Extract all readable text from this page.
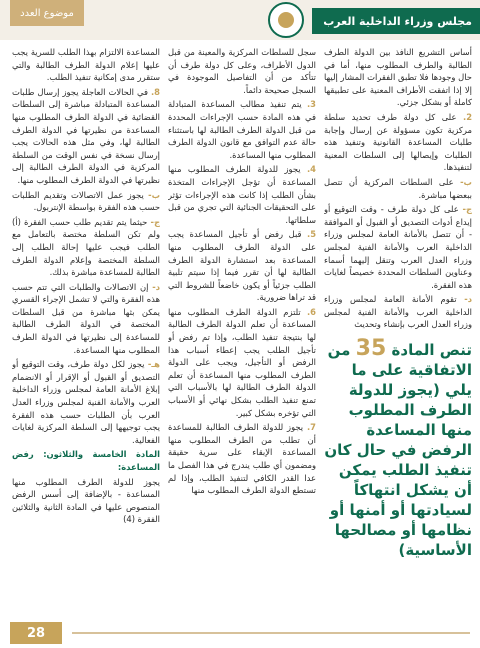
موضوع العدد
مجلس وزراء الداخلية العرب

أساس التشريع النافذ بين الدولة الطرف الطالبة والطرف المطلوب منها، أما في حال وجودها فلا تطبق الفقرات المشار إليها إلا إذا اتفقت الأطراف المعنية على تطبيقها كاملة أو بشكل جزئي.

2. على كل دولة طرف تحديد سلطة مركزية تكون مسؤولة عن إرسال وإجابة طلبات المساعدة القانونية وتنفيذ هذه الطلبات وإيصالها إلى السلطات المعنية لتنفيذها.

ب- على السلطات المركزية أن تتصل ببعضها مباشرة.

ج- على كل دولة طرف - وقت التوقيع أو إيداع أدوات التصديق أو القبول أو الموافقة - أن تتصل بالأمانة العامة لمجلس وزراء الداخلية العرب والأمانة الفنية لمجلس وزراء العدل العرب وتنقل إليهما أسماء وعناوين السلطات المحددة خصيصاً لغايات هذه الفقرة.

د- تقوم الأمانة العامة لمجلس وزراء الداخلية العرب والأمانة الفنية لمجلس وزراء العدل العرب بإنشاء وتحديث

تنص المادة 35 من الاتفاقية على ما يلي (يجوز للدولة الطرف المطلوب منها المساعدة الرفض في حال كان تنفيذ الطلب يمكن أن يشكل انتهاكاً لسيادتها أو أمنها أو نظامها أو مصالحها الأساسية)

سجل للسلطات المركزية والمعينة من قبل الدول الأطراف، وعلى كل دولة طرف أن تتأكد من أن التفاصيل الموجودة في السجل صحيحة دائماً.

3. يتم تنفيذ مطالب المساعدة المتبادلة في هذه المادة حسب الإجراءات المحددة من قبل الدولة الطرف الطالبة لها باستثناء حالة عدم التوافق مع قانون الدولة الطرف المطلوب منها المساعدة.

4. يجوز للدولة الطرف المطلوب منها المساعدة أن تؤجل الإجراءات المتخذة بشأن الطلب إذا كانت هذه الإجراءات تؤثر على التحقيقات الجنائية التي تجري من قبل سلطاتها.

5. قبل رفض أو تأجيل المساعدة يجب على الدولة الطرف المطلوب منها المساعدة بعد استشارة الدولة الطرف الطالبة لها أن تقرر فيما إذا سيتم تلبية الطلب جزئياً أو يكون خاضعاً للشروط التي قد تراها ضرورية.

6. تلتزم الدولة الطرف المطلوب منها المساعدة أن تعلم الدولة الطرف الطالبة لها بنتيجة تنفيذ الطلب، وإذا تم رفض أو تأجيل الطلب يجب إعطاء أسباب هذا الرفض أو التأجيل، ويجب على الدولة الطرف المطلوب منها المساعدة أن تعلم الدولة الطرف الطالبة لها بالأسباب التي تمنع تنفيذ الطلب بشكل نهائي أو الأسباب التي تؤخره بشكل كبير.

7. يجوز للدولة الطرف الطالبة للمساعدة أن تطلب من الطرف المطلوب منها المساعدة الإبقاء على سرية حقيقة ومضمون أي طلب يندرج في هذا الفصل ما عدا القدر الكافي لتنفيذ الطلب، وإذا لم تستطع الدولة الطرف المطلوب منها

المساعدة الالتزام بهذا الطلب للسرية يجب عليها إعلام الدولة الطرف الطالبة والتي ستقرر مدى إمكانية تنفيذ الطلب.

8. في الحالات العاجلة يجوز إرسال طلبات المساعدة المتبادلة مباشرة إلى السلطات القضائية في الدولة الطرف المطلوب منها المساعدة من نظيرتها في الدولة الطرف الطالبة لها، وفي مثل هذه الحالات يجب إرسال نسخة في نفس الوقت من السلطة المركزية في الدولة الطرف الطالبة إلى نظيرتها في الدولة الطرف المطلوب منها.

ب- يجوز عمل الاتصالات وتقديم الطلبات حسب هذه الفقرة بواسطة الإنتربول.

ج- حيثما يتم تقديم طلب حسب الفقرة (أ) ولم تكن السلطة مختصة بالتعامل مع الطلب فيجب عليها إحالة الطلب إلى السلطة المختصة وإعلام الدولة الطرف الطالبة للمساعدة مباشرة بذلك.

د- إن الاتصالات والطلبات التي تتم حسب هذه الفقرة والتي لا تشمل الإجراء القسري يمكن بثها مباشرة من قبل السلطات المختصة في الدولة الطرف الطالبة للمساعدة إلى نظيرتها في الدولة الطرف المطلوب منها المساعدة.

هـ- يجوز لكل دولة طرف، وقت التوقيع أو التصديق أو القبول أو الإقرار أو الانضمام إبلاغ الأمانة العامة لمجلس وزراء الداخلية العرب والأمانة الفنية لمجلس وزراء العدل العرب بأن الطلبات حسب هذه الفقرة يجب توجيهها إلى السلطة المركزية لغايات الفعالية.

المادة الخامسة والثلاثون: رفض المساعدة:

يجوز للدولة الطرف المطلوب منها المساعدة - بالإضافة إلى أسس الرفض المنصوص عليها في المادة الثانية والثلاثين الفقرة (4)

28
